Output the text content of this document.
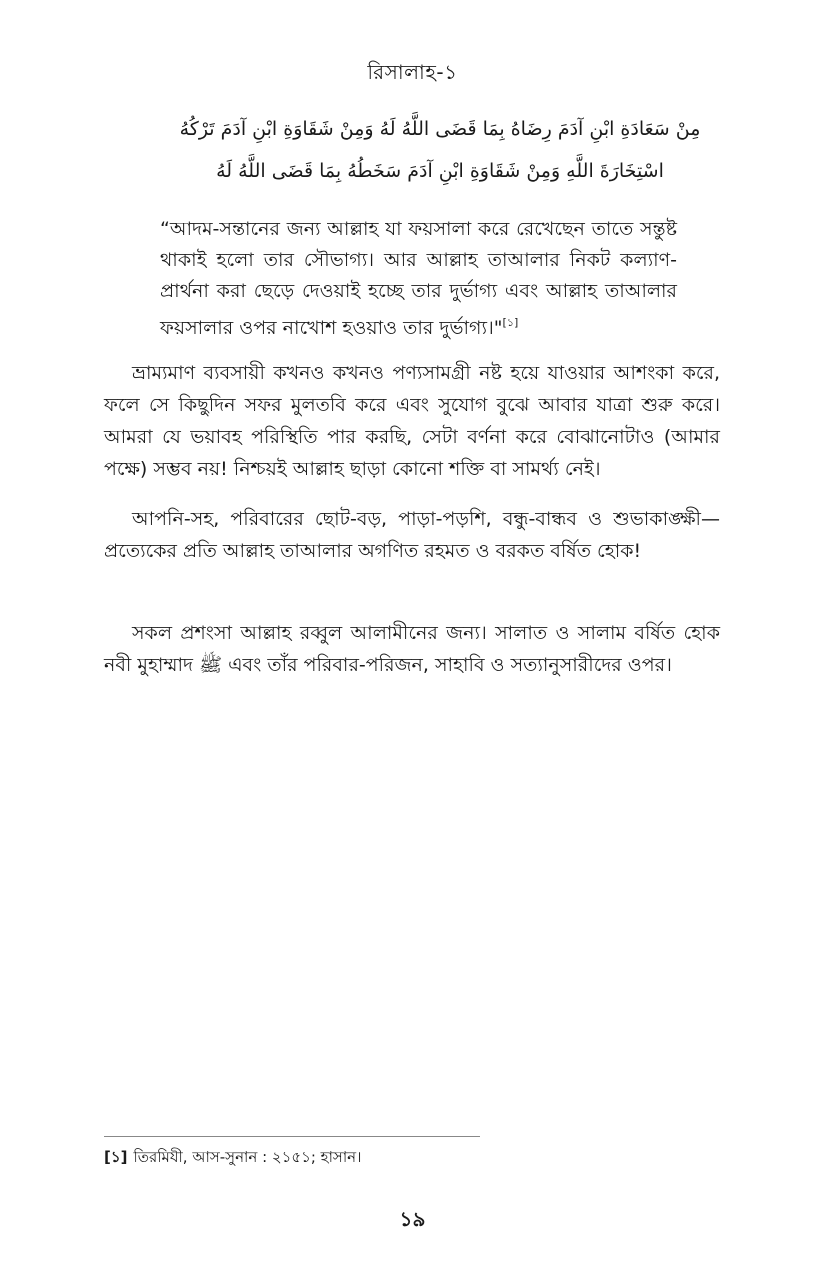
রিসালাহ-১
مِنْ سَعَادَةِ ابْنِ آدَمَ رِضَاهُ بِمَا قَضَى اللَّهُ لَهُ وَمِنْ شَقَاوَةِ ابْنِ آدَمَ تَرْكُهُ
اسْتِخَارَةَ اللَّهِ وَمِنْ شَقَاوَةِ ابْنِ آدَمَ سَخَطُهُ بِمَا قَضَى اللَّهُ لَهُ
“আদম-সন্তানের জন্য আল্লাহ যা ফয়সালা করে রেখেছেন তাতে সন্তুষ্ট থাকাই হলো তার সৌভাগ্য। আর আল্লাহ তাআলার নিকট কল্যাণ-প্রার্থনা করা ছেড়ে দেওয়াই হচ্ছে তার দুর্ভাগ্য এবং আল্লাহ তাআলার ফয়সালার ওপর নাখোশ হওয়াও তার দুর্ভাগ্য।"[১]
ভ্রাম্যমাণ ব্যবসায়ী কখনও কখনও পণ্যসামগ্রী নষ্ট হয়ে যাওয়ার আশংকা করে, ফলে সে কিছুদিন সফর মুলতবি করে এবং সুযোগ বুঝে আবার যাত্রা শুরু করে। আমরা যে ভয়াবহ পরিস্থিতি পার করছি, সেটা বর্ণনা করে বোঝানোটাও (আমার পক্ষে) সম্ভব নয়! নিশ্চয়ই আল্লাহ ছাড়া কোনো শক্তি বা সামর্থ্য নেই।
আপনি-সহ, পরিবারের ছোট-বড়, পাড়া-পড়শি, বন্ধু-বান্ধব ও শুভাকাঙ্ক্ষী— প্রত্যেকের প্রতি আল্লাহ তাআলার অগণিত রহমত ও বরকত বর্ষিত হোক!
সকল প্রশংসা আল্লাহ রব্বুল আলামীনের জন্য। সালাত ও সালাম বর্ষিত হোক নবী মুহাম্মাদ ﷺ এবং তাঁর পরিবার-পরিজন, সাহাবি ও সত্যানুসারীদের ওপর।
[১] তিরমিযী, আস-সুনান : ২১৫১; হাসান।
১৯
